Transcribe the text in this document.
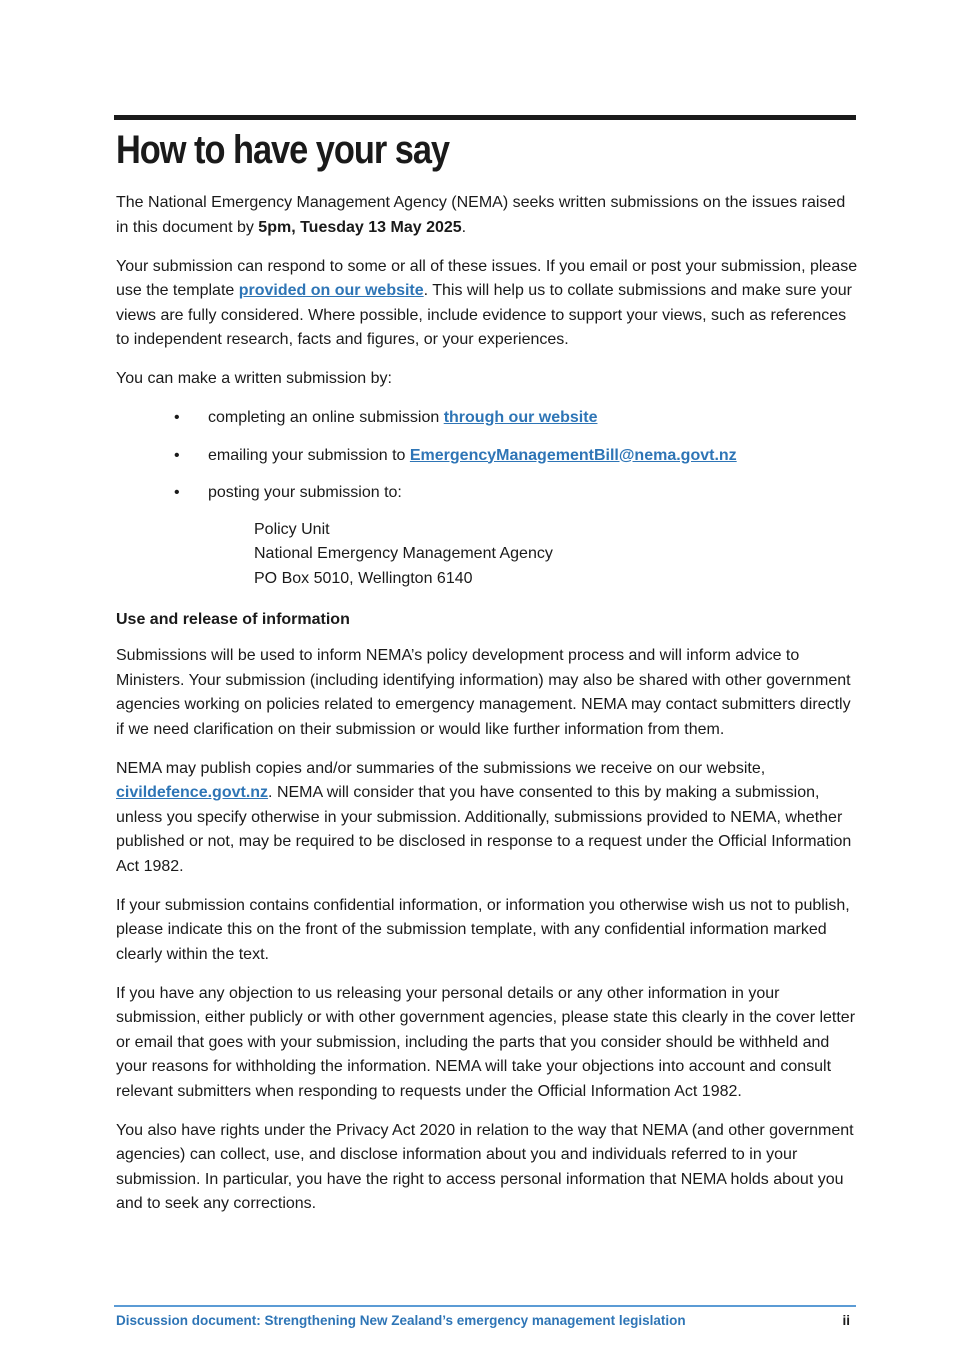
How to have your say

The National Emergency Management Agency (NEMA) seeks written submissions on the issues raised in this document by 5pm, Tuesday 13 May 2025.

Your submission can respond to some or all of these issues. If you email or post your submission, please use the template provided on our website. This will help us to collate submissions and make sure your views are fully considered. Where possible, include evidence to support your views, such as references to independent research, facts and figures, or your experiences.

You can make a written submission by:

• completing an online submission through our website
• emailing your submission to EmergencyManagementBill@nema.govt.nz
• posting your submission to:
Policy Unit
National Emergency Management Agency
PO Box 5010, Wellington 6140
Use and release of information

Submissions will be used to inform NEMA’s policy development process and will inform advice to Ministers. Your submission (including identifying information) may also be shared with other government agencies working on policies related to emergency management. NEMA may contact submitters directly if we need clarification on their submission or would like further information from them.

NEMA may publish copies and/or summaries of the submissions we receive on our website, civildefence.govt.nz. NEMA will consider that you have consented to this by making a submission, unless you specify otherwise in your submission. Additionally, submissions provided to NEMA, whether published or not, may be required to be disclosed in response to a request under the Official Information Act 1982.

If your submission contains confidential information, or information you otherwise wish us not to publish, please indicate this on the front of the submission template, with any confidential information marked clearly within the text.

If you have any objection to us releasing your personal details or any other information in your submission, either publicly or with other government agencies, please state this clearly in the cover letter or email that goes with your submission, including the parts that you consider should be withheld and your reasons for withholding the information. NEMA will take your objections into account and consult relevant submitters when responding to requests under the Official Information Act 1982.

You also have rights under the Privacy Act 2020 in relation to the way that NEMA (and other government agencies) can collect, use, and disclose information about you and individuals referred to in your submission. In particular, you have the right to access personal information that NEMA holds about you and to seek any corrections.

Discussion document: Strengthening New Zealand’s emergency management legislation	ii
